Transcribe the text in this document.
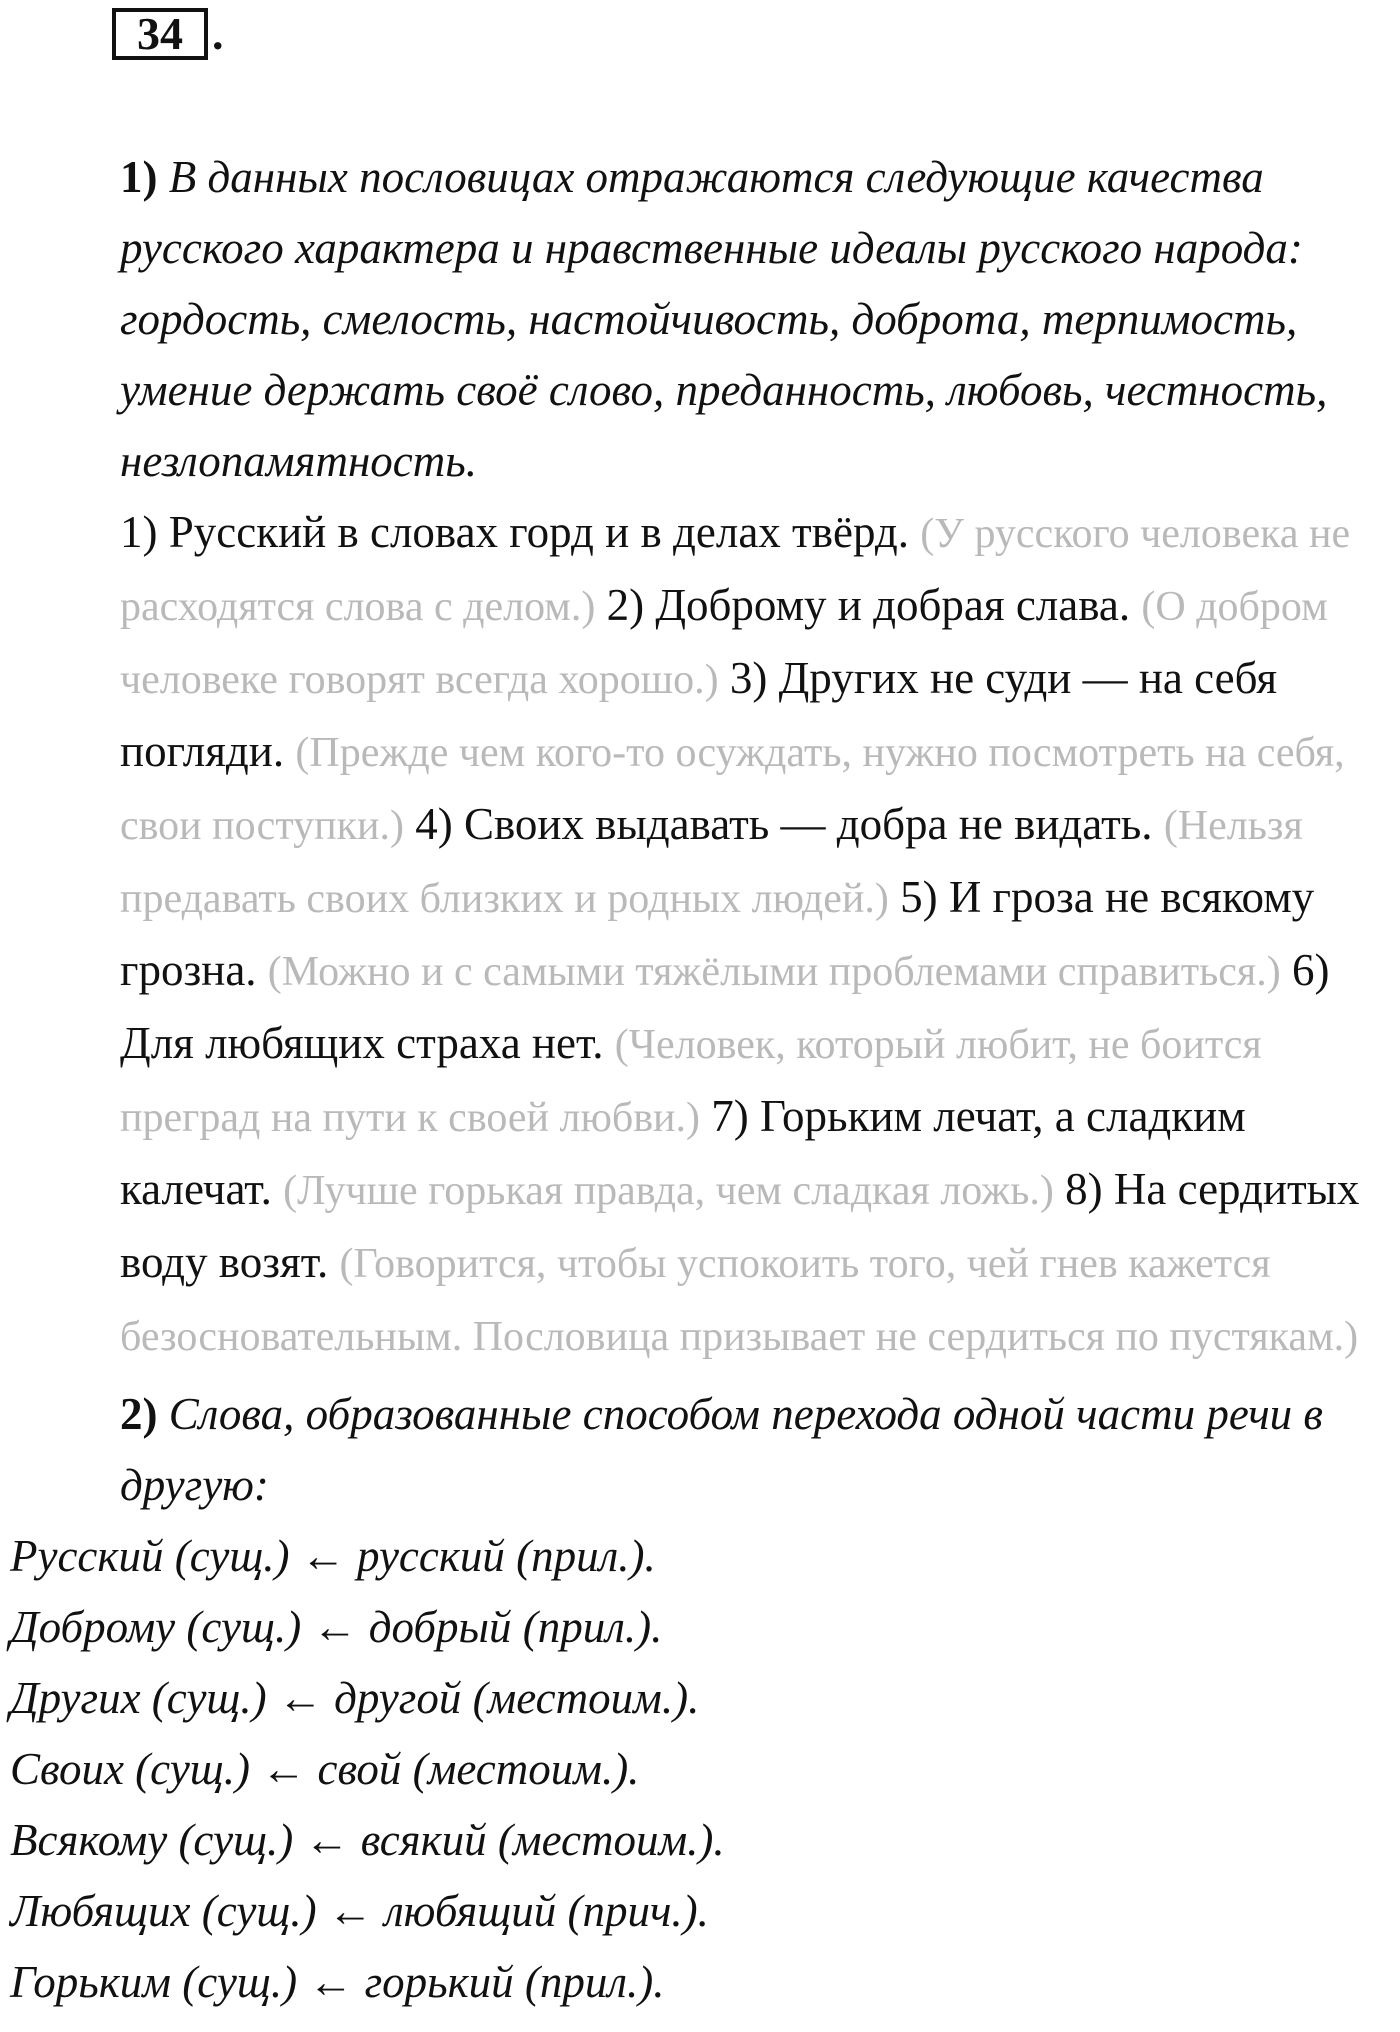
34 .

1) В данных пословицах отражаются следующие качества русского характера и нравственные идеалы русского народа: гордость, смелость, настойчивость, доброта, терпимость, умение держать своё слово, преданность, любовь, честность, незлопамятность.

1) Русский в словах горд и в делах твёрд. (У русского человека не расходятся слова с делом.) 2) Доброму и добрая слава. (О добром человеке говорят всегда хорошо.) 3) Других не суди — на себя погляди. (Прежде чем кого-то осуждать, нужно посмотреть на себя, свои поступки.) 4) Своих выдавать — добра не видать. (Нельзя предавать своих близких и родных людей.) 5) И гроза не всякому грозна. (Можно и с самыми тяжёлыми проблемами справиться.) 6) Для любящих страха нет. (Человек, который любит, не боится преград на пути к своей любви.) 7) Горьким лечат, а сладким калечат. (Лучше горькая правда, чем сладкая ложь.) 8) На сердитых воду возят. (Говорится, чтобы успокоить того, чей гнев кажется безосновательным. Пословица призывает не сердиться по пустякам.)

2) Слова, образованные способом перехода одной части речи в другую:

Русский (сущ.) ← русский (прил.).

Доброму (сущ.) ← добрый (прил.).

Других (сущ.) ← другой (местоим.).

Своих (сущ.) ← свой (местоим.).

Всякому (сущ.) ← всякий (местоим.).

Любящих (сущ.) ← любящий (прич.).

Горьким (сущ.) ← горький (прил.).
